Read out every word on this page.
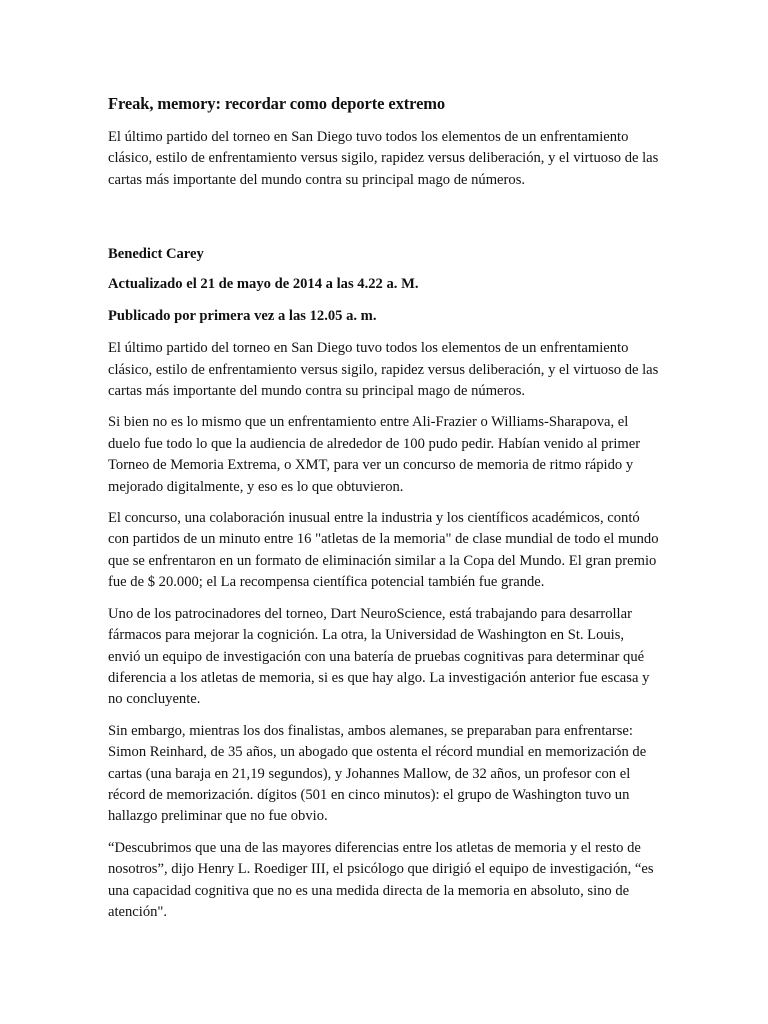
Freak, memory: recordar como deporte extremo

El último partido del torneo en San Diego tuvo todos los elementos de un enfrentamiento clásico, estilo de enfrentamiento versus sigilo, rapidez versus deliberación, y el virtuoso de las cartas más importante del mundo contra su principal mago de números.

Benedict Carey
Actualizado el 21 de mayo de 2014 a las 4.22 a. M.
Publicado por primera vez a las 12.05 a. m.

El último partido del torneo en San Diego tuvo todos los elementos de un enfrentamiento clásico, estilo de enfrentamiento versus sigilo, rapidez versus deliberación, y el virtuoso de las cartas más importante del mundo contra su principal mago de números.

Si bien no es lo mismo que un enfrentamiento entre Ali-Frazier o Williams-Sharapova, el duelo fue todo lo que la audiencia de alrededor de 100 pudo pedir. Habían venido al primer Torneo de Memoria Extrema, o XMT, para ver un concurso de memoria de ritmo rápido y mejorado digitalmente, y eso es lo que obtuvieron.

El concurso, una colaboración inusual entre la industria y los científicos académicos, contó con partidos de un minuto entre 16 "atletas de la memoria" de clase mundial de todo el mundo que se enfrentaron en un formato de eliminación similar a la Copa del Mundo. El gran premio fue de $ 20.000; el La recompensa científica potencial también fue grande.

Uno de los patrocinadores del torneo, Dart NeuroScience, está trabajando para desarrollar fármacos para mejorar la cognición. La otra, la Universidad de Washington en St. Louis, envió un equipo de investigación con una batería de pruebas cognitivas para determinar qué diferencia a los atletas de memoria, si es que hay algo. La investigación anterior fue escasa y no concluyente.

Sin embargo, mientras los dos finalistas, ambos alemanes, se preparaban para enfrentarse: Simon Reinhard, de 35 años, un abogado que ostenta el récord mundial en memorización de cartas (una baraja en 21,19 segundos), y Johannes Mallow, de 32 años, un profesor con el récord de memorización. dígitos (501 en cinco minutos): el grupo de Washington tuvo un hallazgo preliminar que no fue obvio.

“Descubrimos que una de las mayores diferencias entre los atletas de memoria y el resto de nosotros”, dijo Henry L. Roediger III, el psicólogo que dirigió el equipo de investigación, “es una capacidad cognitiva que no es una medida directa de la memoria en absoluto, sino de atención".
